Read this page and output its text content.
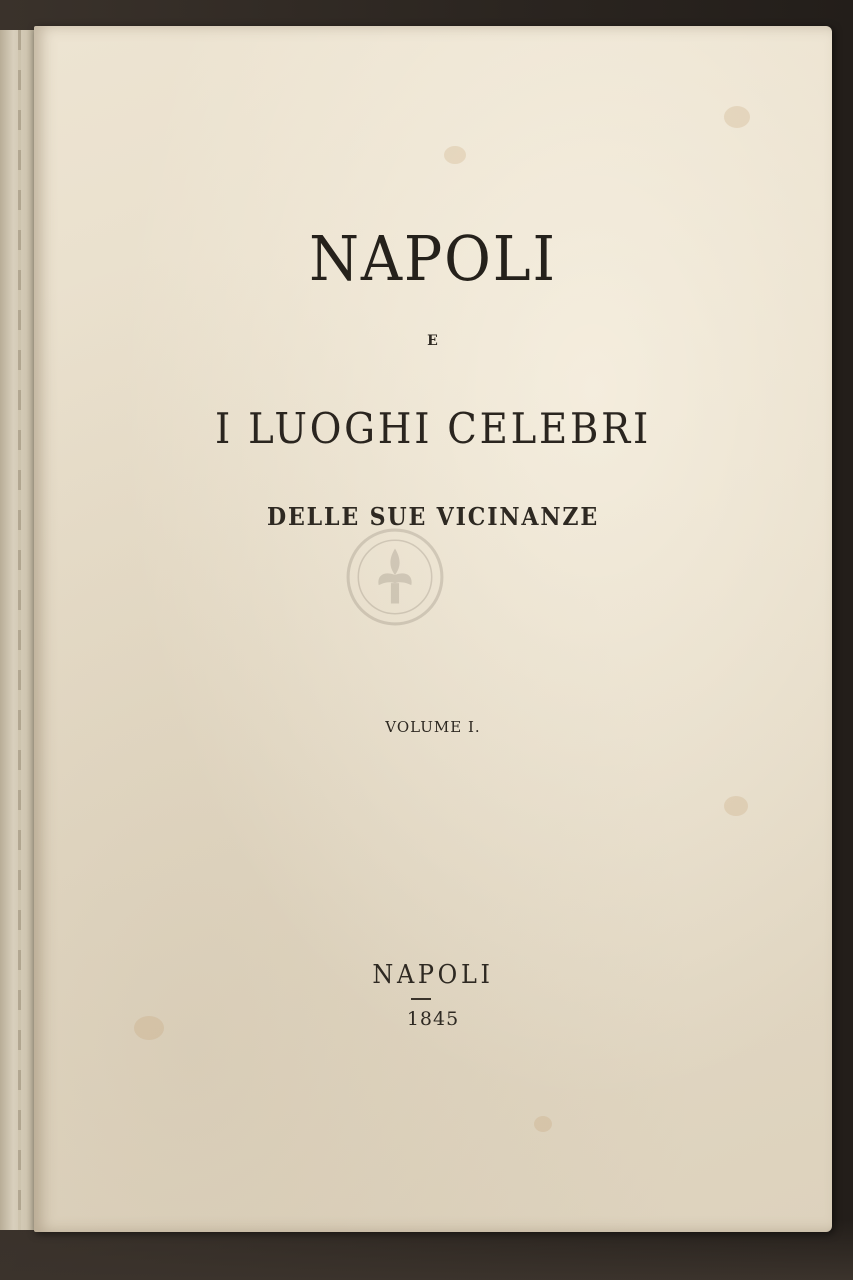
NAPOLI
E
I LUOGHI CELEBRI
DELLE SUE VICINANZE
VOLUME I.
NAPOLI
1845
